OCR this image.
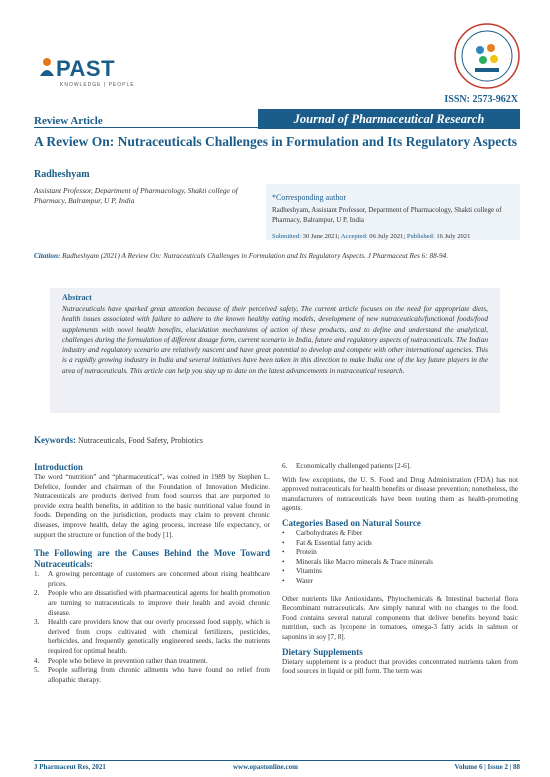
PAST
KNOWLEDGE | PEOPLE
ISSN: 2573-962X
Review Article	Journal of Pharmaceutical Research
A Review On: Nutraceuticals Challenges in Formulation and Its Regulatory Aspects
Radheshyam
Assistant Professor, Department of Pharmacology, Shakti college of Pharmacy, Balrampur, U P, India	*Corresponding author
Radheshyam, Assistant Professor, Department of Pharmacology, Shakti college of Pharmacy, Balrampur, U P, India
Submitted: 30 June 2021; Accepted: 06 July 2021; Published: 16 July 2021
Citation: Radheshyam (2021) A Review On: Nutraceuticals Challenges in Formulation and Its Regulatory Aspects. J Pharmaceut Res 6: 88-94.
Abstract
Nutraceuticals have sparked great attention because of their perceived safety, The current article focuses on the need for appropriate diets, health issues associated with failure to adhere to the known healthy eating models, development of new nutraceuticals/functional foods/food supplements with novel health benefits, elucidation mechanisms of action of these products, and to define and understand the analytical, challenges during the formulation of different dosage form, current scenario in India, future and regulatory aspects of nutraceuticals. The Indian industry and regulatory scenario are relatively nascent and have great potential to develop and compete with other international agencies. This is a rapidly growing industry in India and several initiatives have been taken in this direction to make India one of the key future players in the area of nutraceuticals. This article can help you stay up to date on the latest advancements in nutraceutical research.
Keywords: Nutraceuticals, Food Safety, Probiotics
Introduction

The word “nutrition” and “pharmaceutical”, was coined in 1989 by Stephen L. Defelice, founder and chairman of the Foundation of Innovation Medicine. Nutraceuticals are products derived from food sources that are purported to provide extra health benefits, in addition to the basic nutritional value found in foods. Depending on the jurisdiction, products may claim to prevent chronic diseases, improve health, delay the aging process, increase life expectancy, or support the structure or function of the body [1].

The Following are the Causes Behind the Move Toward Nutraceuticals:
1. A growing percentage of customers are concerned about rising healthcare prices.
2. People who are dissatisfied with pharmaceutical agents for health promotion are turning to nutraceuticals to improve their health and avoid chronic disease.
3. Health care providers know that our overly processed food supply, which is derived from crops cultivated with chemical fertilizers, pesticides, herbicides, and frequently genetically engineered seeds, lacks the nutrients required for optimal health.
4. People who believe in prevention rather than treatment.
5. People suffering from chronic ailments who have found no relief from allopathic therapy.
6. Economically challenged patients [2-6].

With few exceptions, the U. S. Food and Drug Administration (FDA) has not approved nutraceuticals for health benefits or disease prevention; nonetheless, the manufacturers of nutraceuticals have been touting them as health-promoting agents.

Categories Based on Natural Source
• Carbohydrates & Fiber
• Fat & Essential fatty acids
• Protein
• Minerals like Macro minerals & Trace minerals
• Vitamins
• Water

Other nutrients like Antioxidants, Phytochemicals & Intestinal bacterial flora Recombinant nutraceuticals. Are simply natural with no changes to the food. Food contains several natural components that deliver benefits beyond basic nutrition, such as lycopene in tomatoes, omega-3 fatty acids in salmon or saponins in soy [7, 8].

Dietary Supplements

Dietary supplement is a product that provides concentrated nutrients taken from food sources in liquid or pill form. The term was

J Pharmaceut Res, 2021	www.opastonline.com	Volume 6 | Issue 2 | 88
